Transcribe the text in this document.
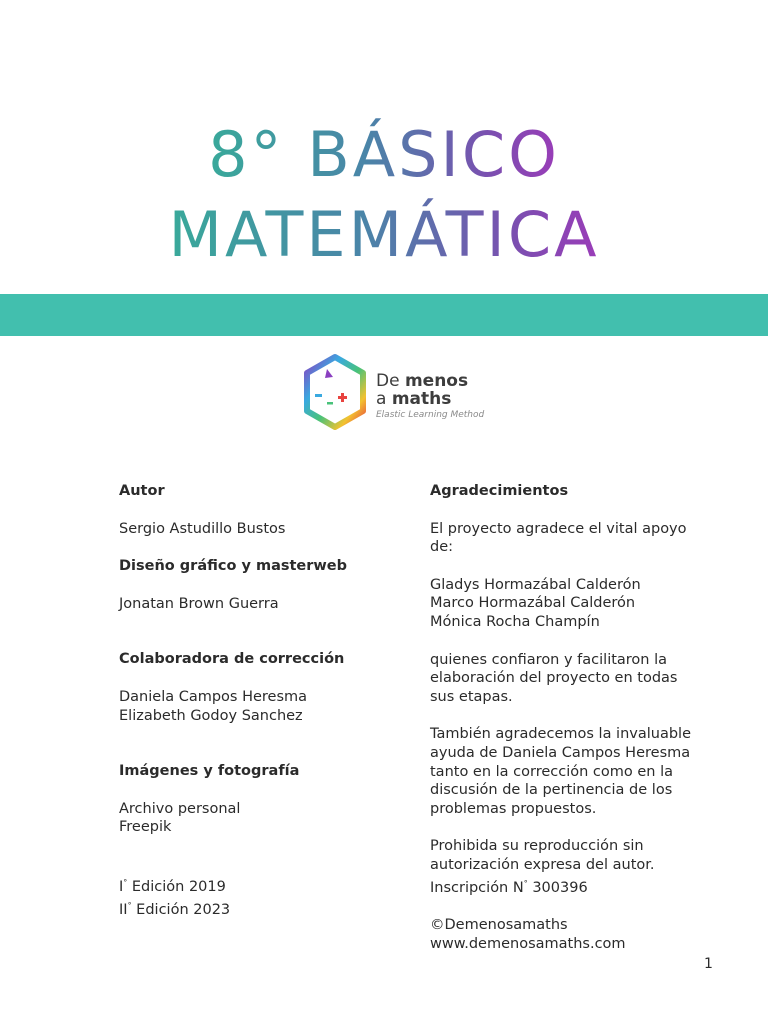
8° BÁSICO
MATEMÁTICA
De menos
a maths
Elastic Learning Method

Autor

Sergio Astudillo Bustos

Diseño gráfico y masterweb

Jonatan Brown Guerra

Colaboradora de corrección

Daniela Campos Heresma

Elizabeth Godoy Sanchez

Imágenes y fotografía

Archivo personal

Freepik

I° Edición 2019

II° Edición 2023

Agradecimientos

El proyecto agradece el vital apoyo de:

Gladys Hormazábal Calderón

Marco Hormazábal Calderón

Mónica Rocha Champín

quienes confiaron y facilitaron la elaboración del proyecto en todas sus etapas.

También agradecemos la invaluable ayuda de Daniela Campos Heresma tanto en la corrección como en la discusión de la pertinencia de los problemas propuestos.

Prohibida su reproducción sin autorización expresa del autor.

Inscripción N° 300396

©Demenosamaths

www.demenosamaths.com

1
